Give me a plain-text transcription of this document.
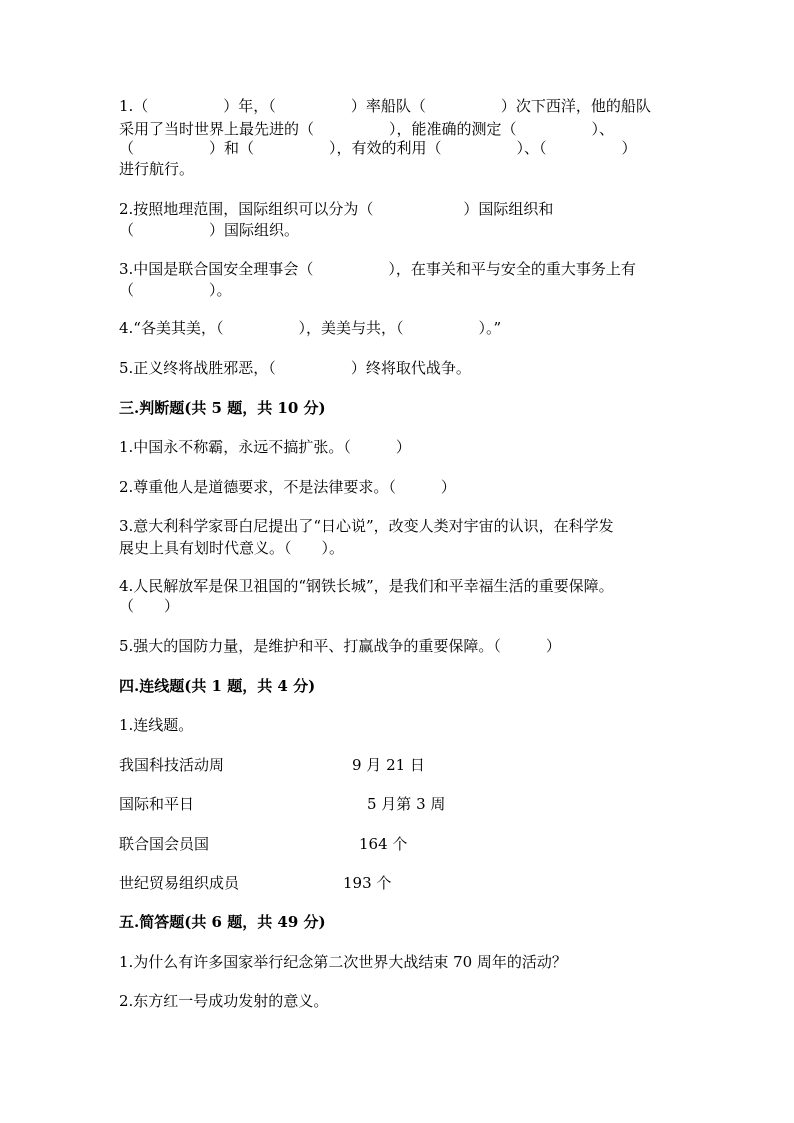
1.（　　　　　）年，（　　　　　）率船队（　　　　　）次下西洋，他的船队
采用了当时世界上最先进的（　　　　　），能准确的测定（　　　　　）、
（　　　　　）和（　　　　　），有效的利用（　　　　　）、（　　　　　）
进行航行。
2.按照地理范围，国际组织可以分为（　　　　　　）国际组织和
（　　　　　）国际组织。
3.中国是联合国安全理事会（　　　　　），在事关和平与安全的重大事务上有
（　　　　　）。
4.“各美其美，（　　　　　），美美与共，（　　　　　）。”
5.正义终将战胜邪恶，（　　　　　）终将取代战争。
三.判断题(共 5 题，共 10 分)
1.中国永不称霸，永远不搞扩张。（　　　）
2.尊重他人是道德要求，不是法律要求。（　　　）
3.意大利科学家哥白尼提出了“日心说”，改变人类对宇宙的认识，在科学发
展史上具有划时代意义。（　　）。
4.人民解放军是保卫祖国的“钢铁长城”，是我们和平幸福生活的重要保障。
（　　）
5.强大的国防力量，是维护和平、打赢战争的重要保障。（　　　）
四.连线题(共 1 题，共 4 分)
1.连线题。
我国科技活动周	9 月 21 日
国际和平日	5 月第 3 周
联合国会员国	164 个
世纪贸易组织成员	193 个
五.简答题(共 6 题，共 49 分)
1.为什么有许多国家举行纪念第二次世界大战结束 70 周年的活动？
2.东方红一号成功发射的意义。
